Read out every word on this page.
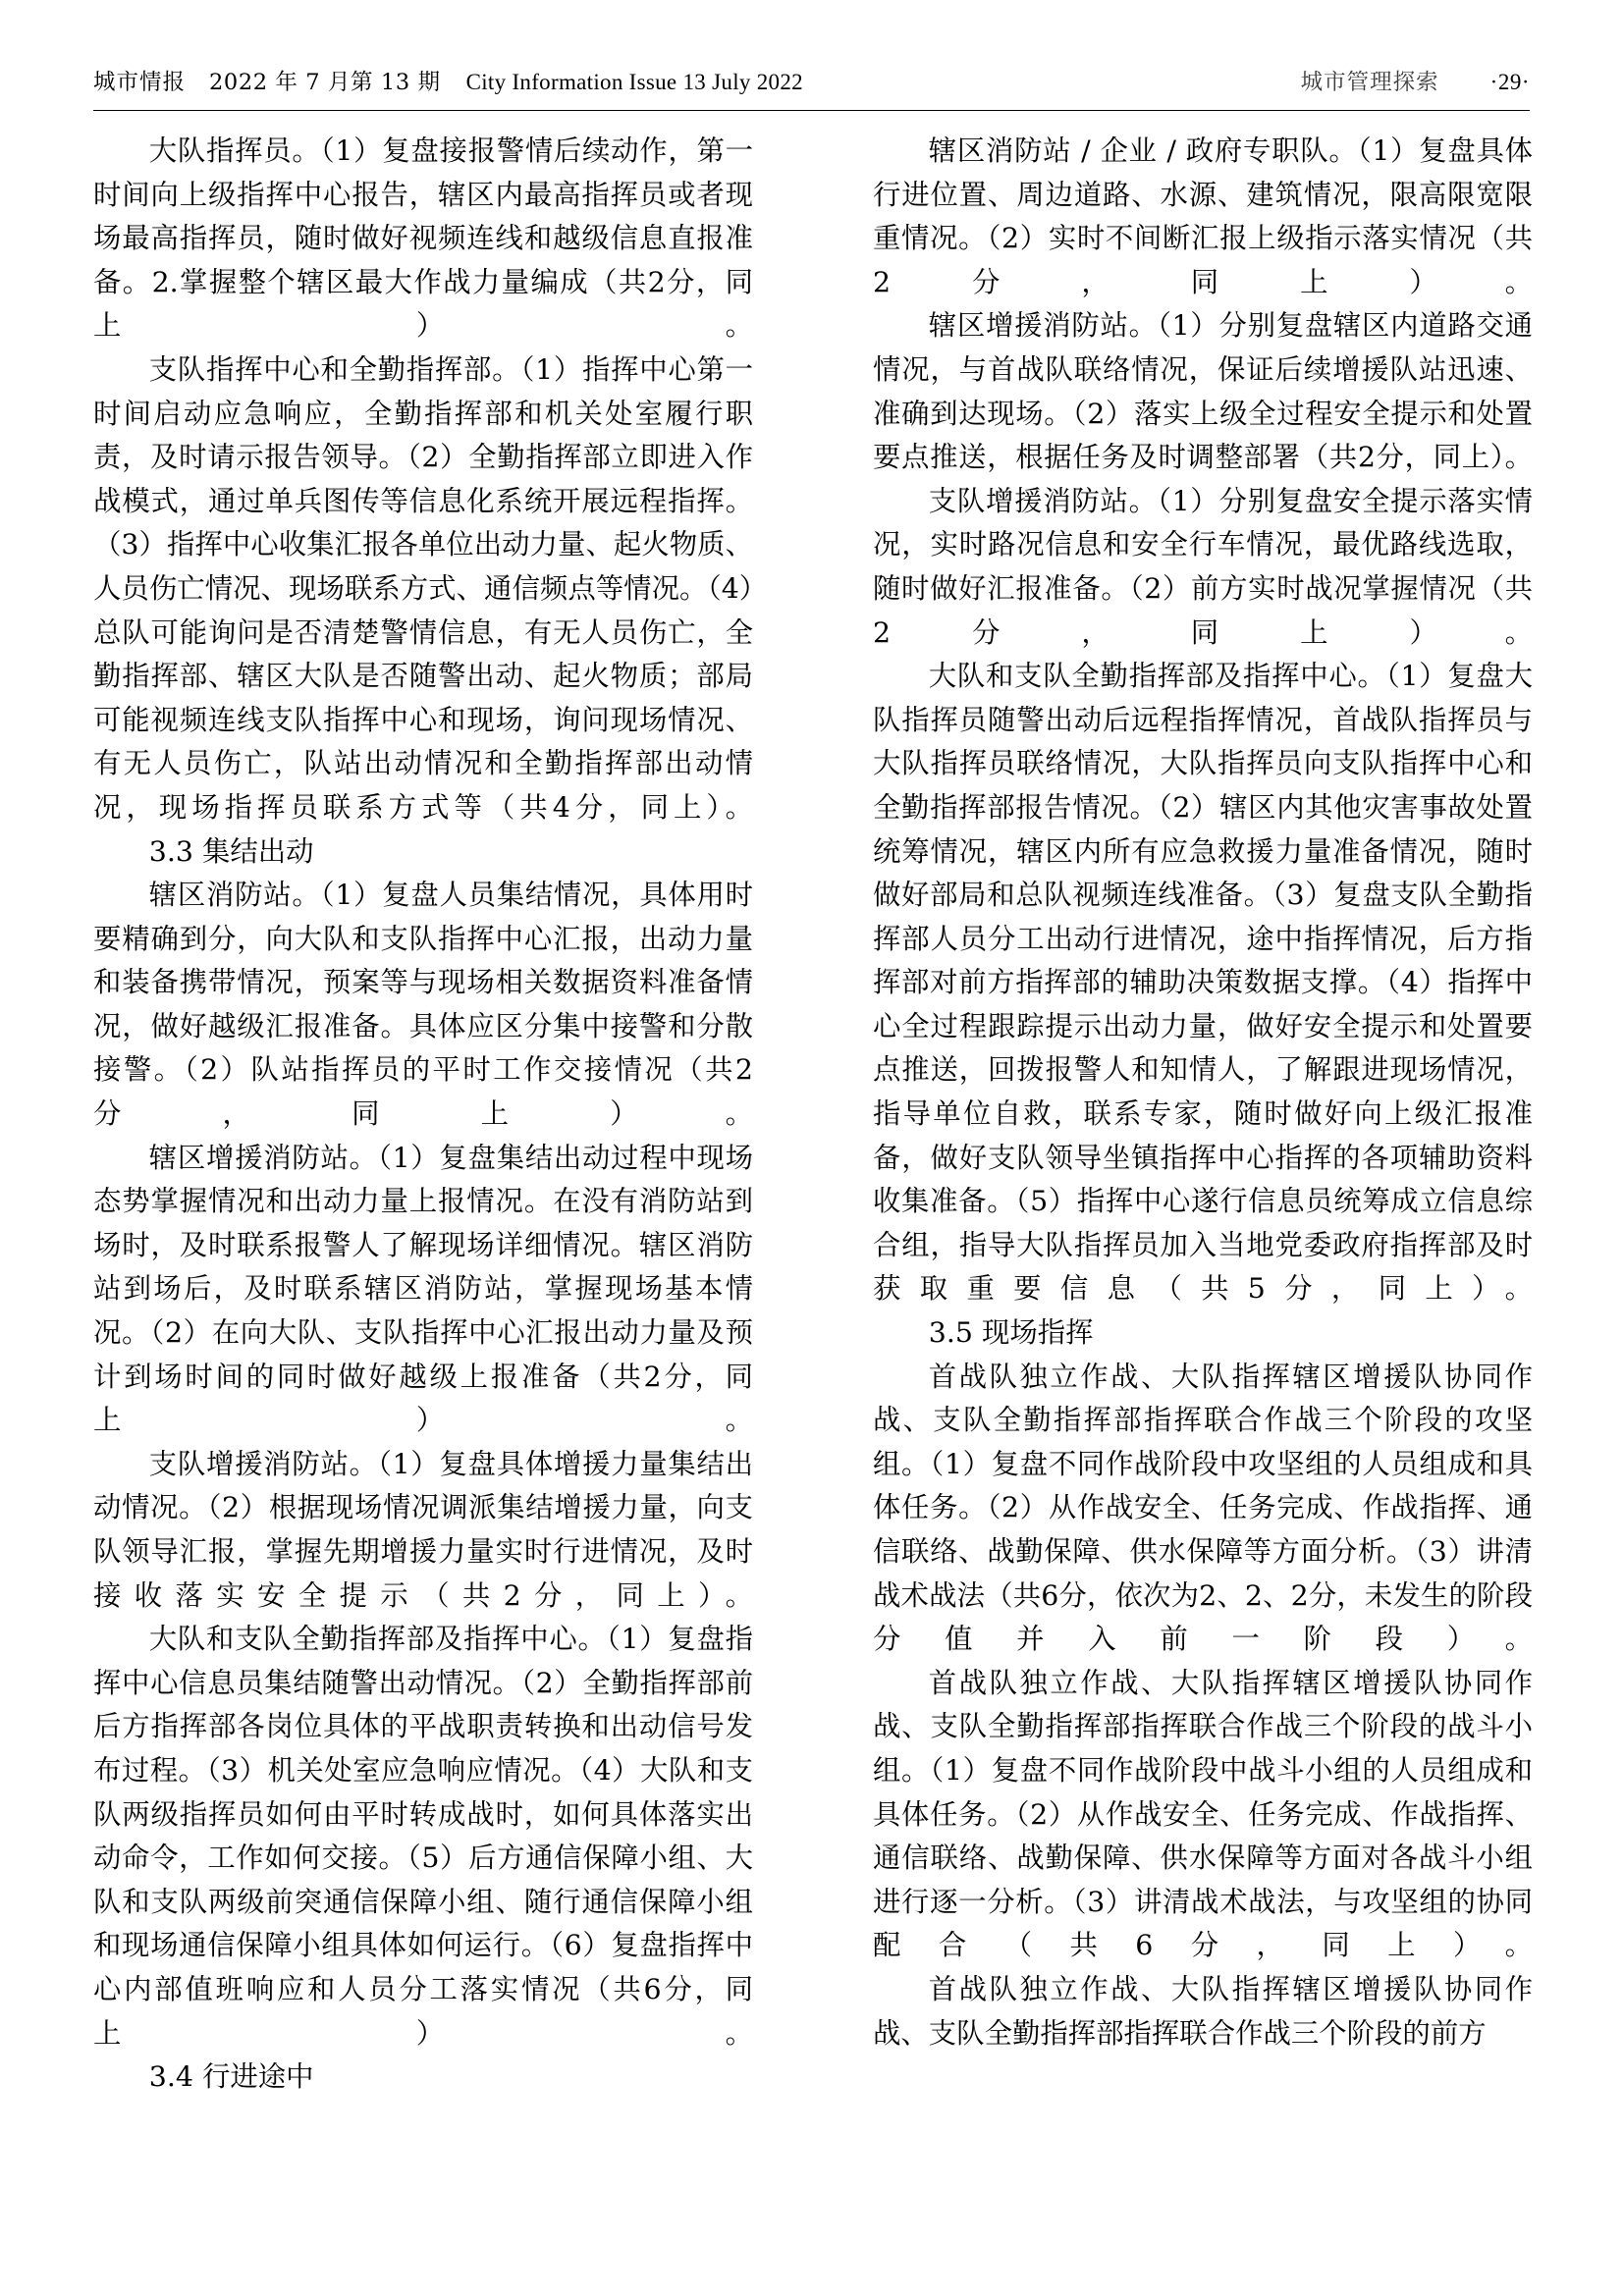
城市情报 2022 年 7 月第 13 期 City Information Issue 13 July 2022	城市管理探索 ·29·

大队指挥员。（1）复盘接报警情后续动作，第一时间向上级指挥中心报告，辖区内最高指挥员或者现场最高指挥员，随时做好视频连线和越级信息直报准备。2.掌握整个辖区最大作战力量编成（共2分，同上）。

支队指挥中心和全勤指挥部。（1）指挥中心第一时间启动应急响应，全勤指挥部和机关处室履行职责，及时请示报告领导。（2）全勤指挥部立即进入作战模式，通过单兵图传等信息化系统开展远程指挥。（3）指挥中心收集汇报各单位出动力量、起火物质、人员伤亡情况、现场联系方式、通信频点等情况。（4）总队可能询问是否清楚警情信息，有无人员伤亡，全勤指挥部、辖区大队是否随警出动、起火物质；部局可能视频连线支队指挥中心和现场，询问现场情况、有无人员伤亡，队站出动情况和全勤指挥部出动情况，现场指挥员联系方式等（共4分，同上）。

3.3 集结出动

辖区消防站。（1）复盘人员集结情况，具体用时要精确到分，向大队和支队指挥中心汇报，出动力量和装备携带情况，预案等与现场相关数据资料准备情况，做好越级汇报准备。具体应区分集中接警和分散接警。（2）队站指挥员的平时工作交接情况（共2分，同上）。

辖区增援消防站。（1）复盘集结出动过程中现场态势掌握情况和出动力量上报情况。在没有消防站到场时，及时联系报警人了解现场详细情况。辖区消防站到场后，及时联系辖区消防站，掌握现场基本情况。（2）在向大队、支队指挥中心汇报出动力量及预计到场时间的同时做好越级上报准备（共2分，同上）。

支队增援消防站。（1）复盘具体增援力量集结出动情况。（2）根据现场情况调派集结增援力量，向支队领导汇报，掌握先期增援力量实时行进情况，及时接收落实安全提示（共2分，同上）。

大队和支队全勤指挥部及指挥中心。（1）复盘指挥中心信息员集结随警出动情况。（2）全勤指挥部前后方指挥部各岗位具体的平战职责转换和出动信号发布过程。（3）机关处室应急响应情况。（4）大队和支队两级指挥员如何由平时转成战时，如何具体落实出动命令，工作如何交接。（5）后方通信保障小组、大队和支队两级前突通信保障小组、随行通信保障小组和现场通信保障小组具体如何运行。（6）复盘指挥中心内部值班响应和人员分工落实情况（共6分，同上）。

3.4 行进途中

辖区消防站 / 企业 / 政府专职队。（1）复盘具体行进位置、周边道路、水源、建筑情况，限高限宽限重情况。（2）实时不间断汇报上级指示落实情况（共2分，同上）。

辖区增援消防站。（1）分别复盘辖区内道路交通情况，与首战队联络情况，保证后续增援队站迅速、准确到达现场。（2）落实上级全过程安全提示和处置要点推送，根据任务及时调整部署（共2分，同上）。

支队增援消防站。（1）分别复盘安全提示落实情况，实时路况信息和安全行车情况，最优路线选取，随时做好汇报准备。（2）前方实时战况掌握情况（共2分，同上）。

大队和支队全勤指挥部及指挥中心。（1）复盘大队指挥员随警出动后远程指挥情况，首战队指挥员与大队指挥员联络情况，大队指挥员向支队指挥中心和全勤指挥部报告情况。（2）辖区内其他灾害事故处置统筹情况，辖区内所有应急救援力量准备情况，随时做好部局和总队视频连线准备。（3）复盘支队全勤指挥部人员分工出动行进情况，途中指挥情况，后方指挥部对前方指挥部的辅助决策数据支撑。（4）指挥中心全过程跟踪提示出动力量，做好安全提示和处置要点推送，回拨报警人和知情人，了解跟进现场情况，指导单位自救，联系专家，随时做好向上级汇报准备，做好支队领导坐镇指挥中心指挥的各项辅助资料收集准备。（5）指挥中心遂行信息员统筹成立信息综合组，指导大队指挥员加入当地党委政府指挥部及时获取重要信息（共5分，同上）。

3.5 现场指挥

首战队独立作战、大队指挥辖区增援队协同作战、支队全勤指挥部指挥联合作战三个阶段的攻坚组。（1）复盘不同作战阶段中攻坚组的人员组成和具体任务。（2）从作战安全、任务完成、作战指挥、通信联络、战勤保障、供水保障等方面分析。（3）讲清战术战法（共6分，依次为2、2、2分，未发生的阶段分值并入前一阶段）。

首战队独立作战、大队指挥辖区增援队协同作战、支队全勤指挥部指挥联合作战三个阶段的战斗小组。（1）复盘不同作战阶段中战斗小组的人员组成和具体任务。（2）从作战安全、任务完成、作战指挥、通信联络、战勤保障、供水保障等方面对各战斗小组进行逐一分析。（3）讲清战术战法，与攻坚组的协同配合（共6分，同上）。

首战队独立作战、大队指挥辖区增援队协同作战、支队全勤指挥部指挥联合作战三个阶段的前方
